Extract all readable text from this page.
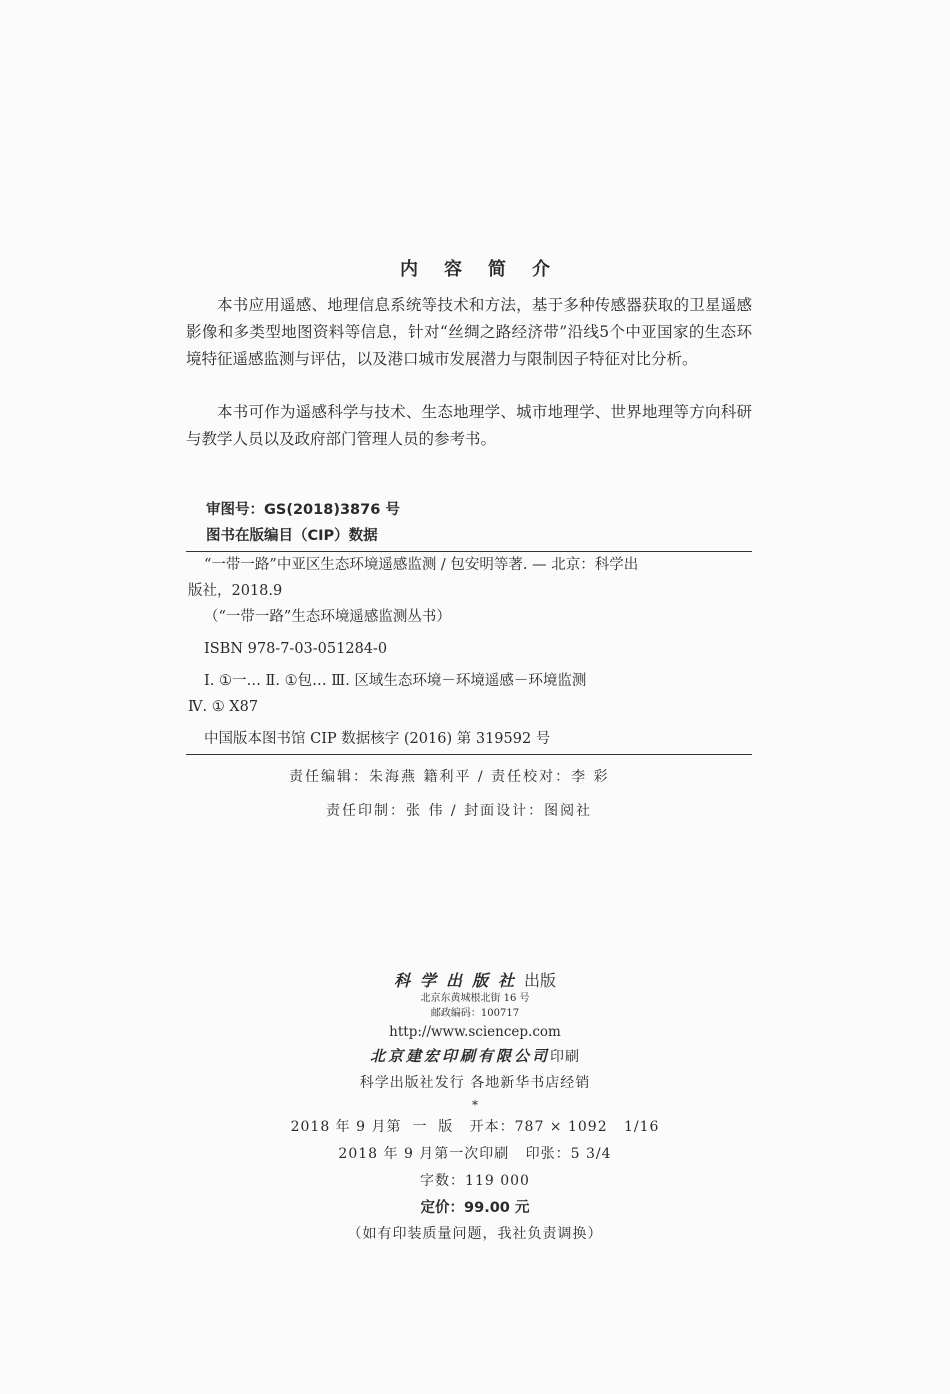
内容简介

本书应用遥感、地理信息系统等技术和方法，基于多种传感器获取的卫星遥感影像和多类型地图资料等信息，针对“丝绸之路经济带”沿线5个中亚国家的生态环境特征遥感监测与评估，以及港口城市发展潜力与限制因子特征对比分析。

本书可作为遥感科学与技术、生态地理学、城市地理学、世界地理等方向科研与教学人员以及政府部门管理人员的参考书。

审图号：GS(2018)3876 号
图书在版编目（CIP）数据

“一带一路”中亚区生态环境遥感监测 / 包安明等著. — 北京：科学出

版社，2018.9

（“一带一路”生态环境遥感监测丛书）

ISBN 978-7-03-051284-0

Ⅰ. ①一… Ⅱ. ①包… Ⅲ. 区域生态环境－环境遥感－环境监测

Ⅳ. ① X87

中国版本图书馆 CIP 数据核字 (2016) 第 319592 号

责任编辑：朱海燕 籍利平 / 责任校对：李 彩
责任印制：张 伟 / 封面设计：图阅社
科学出版社出版
北京东黄城根北街 16 号
邮政编码：100717
http://www.sciencep.com
北京建宏印刷有限公司印刷
科学出版社发行 各地新华书店经销
*
2018 年 9 月第  一  版   开本：787 × 1092   1/16
2018 年 9 月第一次印刷   印张：5 3/4
字数：119 000
定价：99.00 元
（如有印装质量问题，我社负责调换）
